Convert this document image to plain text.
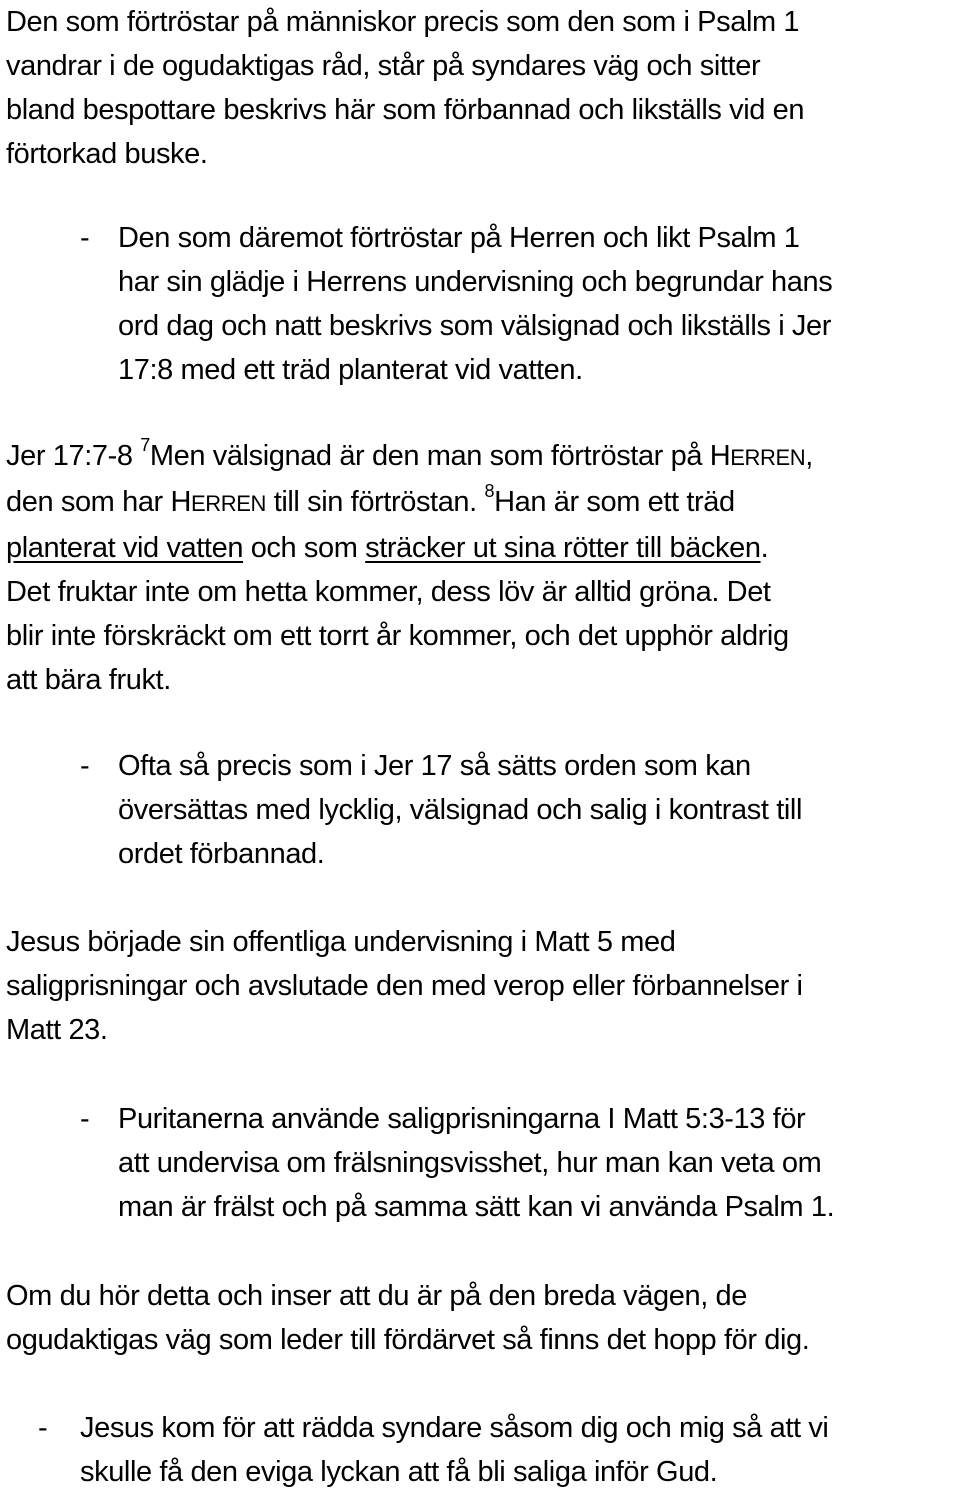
Den som förtröstar på människor precis som den som i Psalm 1
vandrar i de ogudaktigas råd, står på syndares väg och sitter
bland bespottare beskrivs här som förbannad och likställs vid en
förtorkad buske.
- Den som däremot förtröstar på Herren och likt Psalm 1
har sin glädje i Herrens undervisning och begrundar hans
ord dag och natt beskrivs som välsignad och likställs i Jer
17:8 med ett träd planterat vid vatten.
Jer 17:7-8 $^7$Men välsignad är den man som förtröstar på HERREN,
den som har HERREN till sin förtröstan. $^8$Han är som ett träd
planterat vid vatten och som sträcker ut sina rötter till bäcken.
Det fruktar inte om hetta kommer, dess löv är alltid gröna. Det
blir inte förskräckt om ett torrt år kommer, och det upphör aldrig
att bära frukt.
- Ofta så precis som i Jer 17 så sätts orden som kan
översättas med lycklig, välsignad och salig i kontrast till
ordet förbannad.
Jesus började sin offentliga undervisning i Matt 5 med
saligprisningar och avslutade den med verop eller förbannelser i
Matt 23.
- Puritanerna använde saligprisningarna I Matt 5:3-13 för
att undervisa om frälsningsvisshet, hur man kan veta om
man är frälst och på samma sätt kan vi använda Psalm 1.
Om du hör detta och inser att du är på den breda vägen, de
ogudaktigas väg som leder till fördärvet så finns det hopp för dig.
- Jesus kom för att rädda syndare såsom dig och mig så att vi
skulle få den eviga lyckan att få bli saliga inför Gud.
